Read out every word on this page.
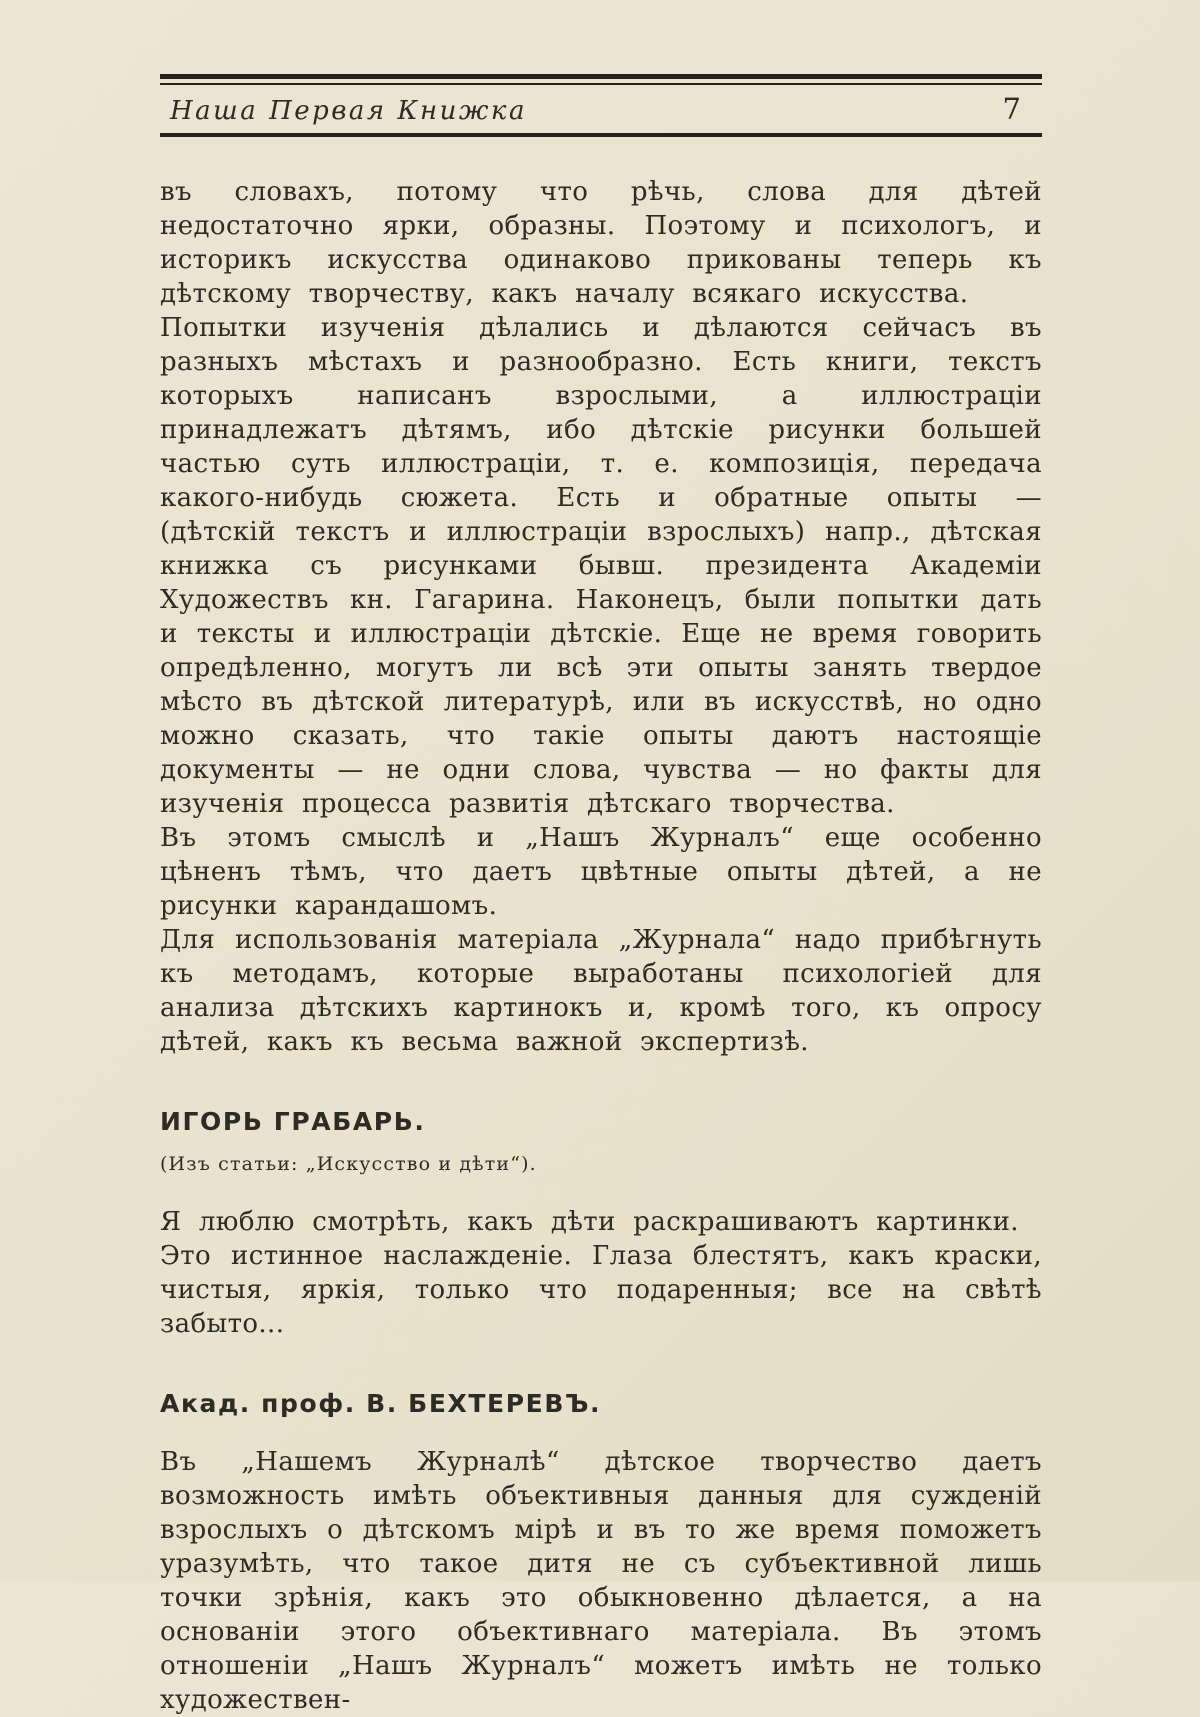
Наша Первая Книжка	7

въ словахъ, потому что рѣчь, слова для дѣтей недостаточно ярки, образны. Поэтому и психологъ, и историкъ искусства одинаково прикованы теперь къ дѣтскому творчеству, какъ началу всякаго искусства.

Попытки изученія дѣлались и дѣлаются сейчасъ въ разныхъ мѣстахъ и разнообразно. Есть книги, текстъ которыхъ написанъ взрослыми, а иллюстраціи принадлежатъ дѣтямъ, ибо дѣтскіе рисунки большей частью суть иллюстраціи, т. е. композиція, передача какого-нибудь сюжета. Есть и обратные опыты — (дѣтскій текстъ и иллюстраціи взрослыхъ) напр., дѣтская книжка съ рисунками бывш. президента Академіи Художествъ кн. Гагарина. Наконецъ, были попытки дать и тексты и иллюстраціи дѣтскіе. Еще не время говорить опредѣленно, могутъ ли всѣ эти опыты занять твердое мѣсто въ дѣтской литературѣ, или въ искусствѣ, но одно можно сказать, что такіе опыты даютъ настоящіе документы — не одни слова, чувства — но факты для изученія процесса развитія дѣтскаго творчества.

Въ этомъ смыслѣ и „Нашъ Журналъ“ еще особенно цѣненъ тѣмъ, что даетъ цвѣтные опыты дѣтей, а не рисунки карандашомъ.

Для использованія матеріала „Журнала“ надо прибѣгнуть къ методамъ, которые выработаны психологіей для анализа дѣтскихъ картинокъ и, кромѣ того, къ опросу дѣтей, какъ къ весьма важной экспертизѣ.

ИГОРЬ ГРАБАРЬ.

(Изъ статьи: „Искусство и дѣти“).

Я люблю смотрѣть, какъ дѣти раскрашиваютъ картинки.

Это истинное наслажденіе. Глаза блестятъ, какъ краски, чистыя, яркія, только что подаренныя; все на свѣтѣ забыто...

Акад. проф. В. БЕХТЕРЕВЪ.

Въ „Нашемъ Журналѣ“ дѣтское творчество даетъ возможность имѣть объективныя данныя для сужденій взрослыхъ о дѣтскомъ мірѣ и въ то же время поможетъ уразумѣть, что такое дитя не съ субъективной лишь точки зрѣнія, какъ это обыкновенно дѣлается, а на основаніи этого объективнаго матеріала. Въ этомъ отношеніи „Нашъ Журналъ“ можетъ имѣть не только художествен-
